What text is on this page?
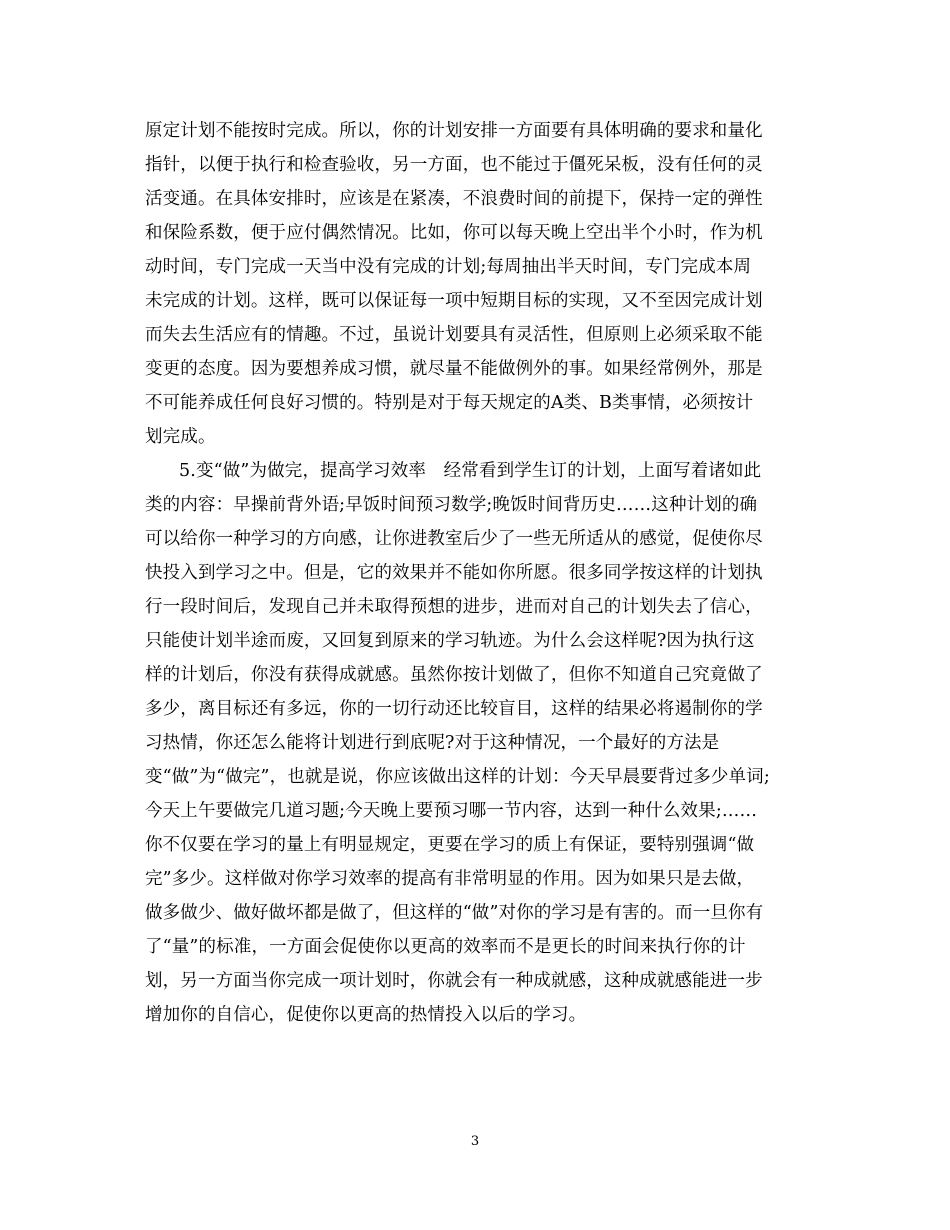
原定计划不能按时完成。所以，你的计划安排一方面要有具体明确的要求和量化
指针，以便于执行和检查验收，另一方面，也不能过于僵死呆板，没有任何的灵
活变通。在具体安排时，应该是在紧凑，不浪费时间的前提下，保持一定的弹性
和保险系数，便于应付偶然情况。比如，你可以每天晚上空出半个小时，作为机
动时间，专门完成一天当中没有完成的计划;每周抽出半天时间，专门完成本周
未完成的计划。这样，既可以保证每一项中短期目标的实现，又不至因完成计划
而失去生活应有的情趣。不过，虽说计划要具有灵活性，但原则上必须采取不能
变更的态度。因为要想养成习惯，就尽量不能做例外的事。如果经常例外，那是
不可能养成任何良好习惯的。特别是对于每天规定的A类、B类事情，必须按计
划完成。
5.变“做”为做完，提高学习效率　经常看到学生订的计划，上面写着诸如此
类的内容：早操前背外语;早饭时间预习数学;晚饭时间背历史……这种计划的确
可以给你一种学习的方向感，让你进教室后少了一些无所适从的感觉，促使你尽
快投入到学习之中。但是，它的效果并不能如你所愿。很多同学按这样的计划执
行一段时间后，发现自己并未取得预想的进步，进而对自己的计划失去了信心，
只能使计划半途而废，又回复到原来的学习轨迹。为什么会这样呢?因为执行这
样的计划后，你没有获得成就感。虽然你按计划做了，但你不知道自己究竟做了
多少，离目标还有多远，你的一切行动还比较盲目，这样的结果必将遏制你的学
习热情，你还怎么能将计划进行到底呢?对于这种情况，一个最好的方法是
变“做”为“做完”，也就是说，你应该做出这样的计划：今天早晨要背过多少单词;
今天上午要做完几道习题;今天晚上要预习哪一节内容，达到一种什么效果;……
你不仅要在学习的量上有明显规定，更要在学习的质上有保证，要特别强调“做
完”多少。这样做对你学习效率的提高有非常明显的作用。因为如果只是去做，
做多做少、做好做坏都是做了，但这样的“做”对你的学习是有害的。而一旦你有
了“量”的标准，一方面会促使你以更高的效率而不是更长的时间来执行你的计
划，另一方面当你完成一项计划时，你就会有一种成就感，这种成就感能进一步
增加你的自信心，促使你以更高的热情投入以后的学习。
3
